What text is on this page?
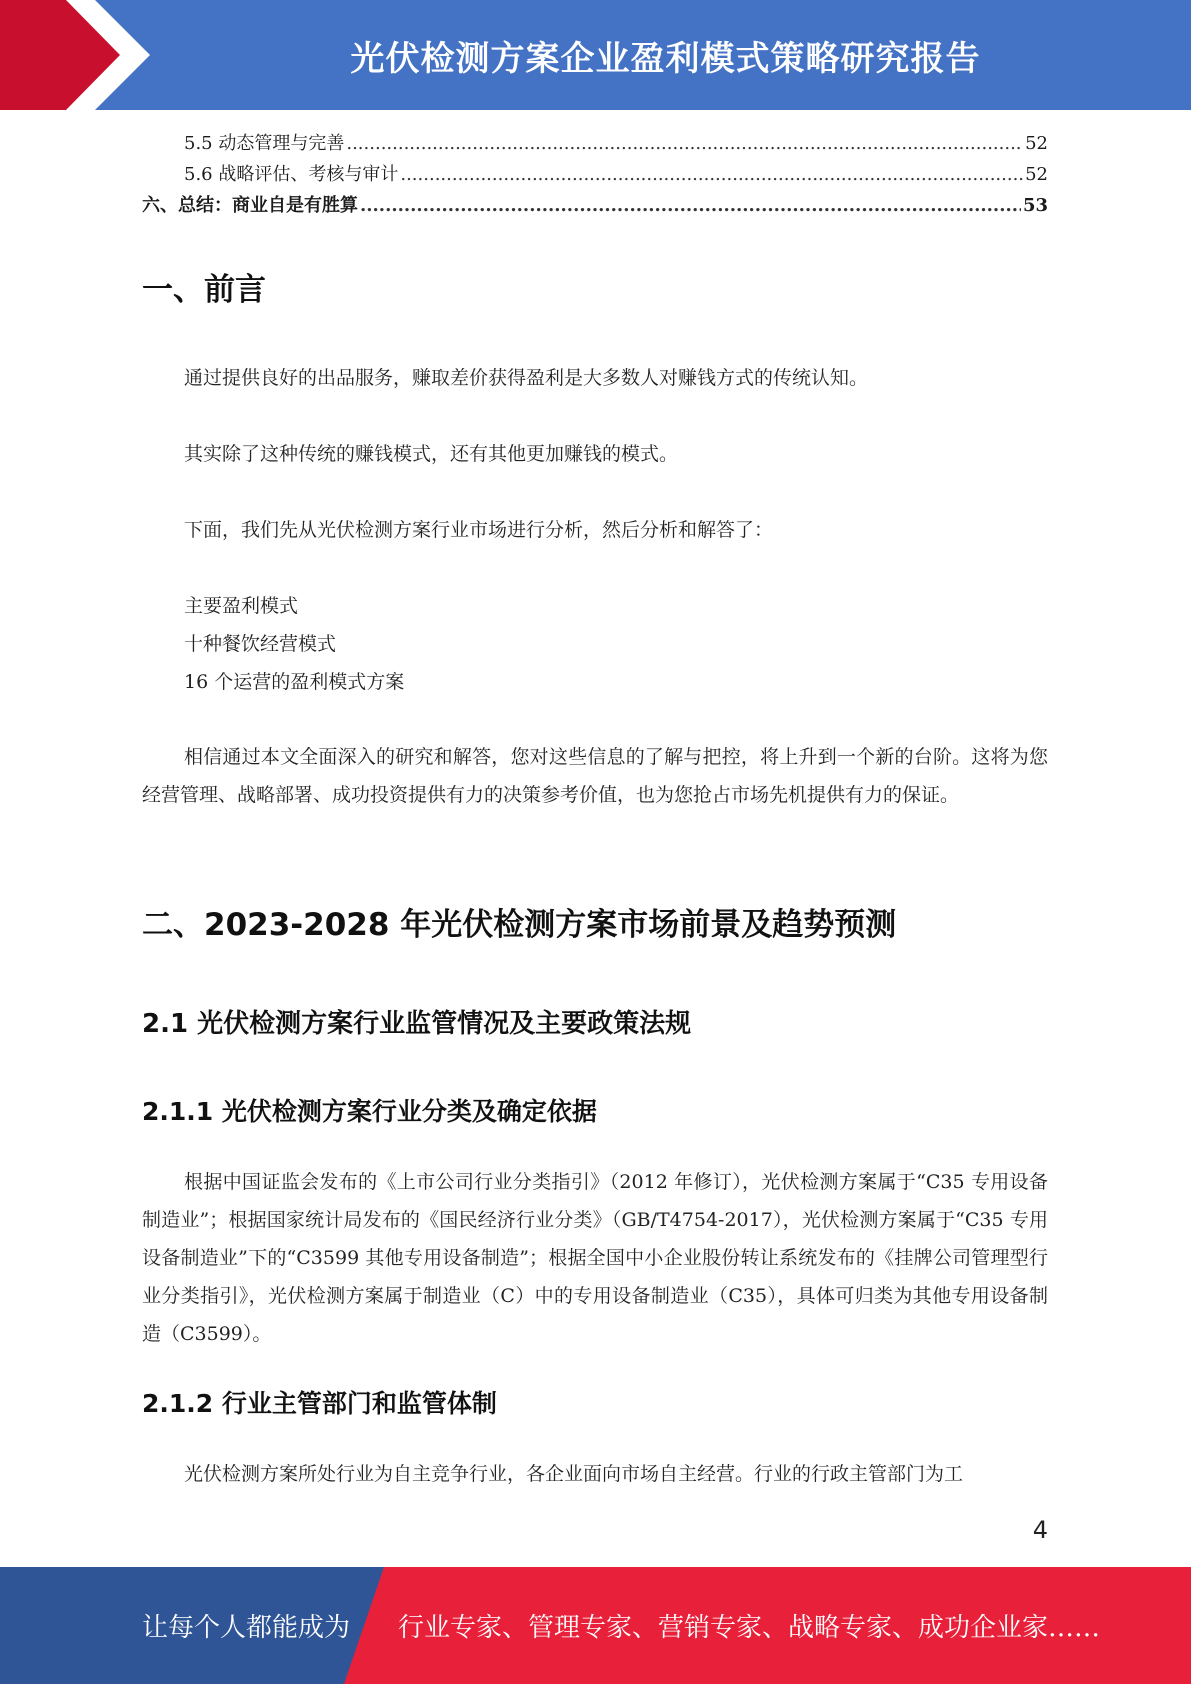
光伏检测方案企业盈利模式策略研究报告
5.5 动态管理与完善 .....	52
5.6 战略评估、考核与审计 .....	52
六、总结：商业自是有胜算 .....	53
一、前言
通过提供良好的出品服务，赚取差价获得盈利是大多数人对赚钱方式的传统认知。
其实除了这种传统的赚钱模式，还有其他更加赚钱的模式。
下面，我们先从光伏检测方案行业市场进行分析，然后分析和解答了：
主要盈利模式
十种餐饮经营模式
16 个运营的盈利模式方案
相信通过本文全面深入的研究和解答，您对这些信息的了解与把控，将上升到一个新的台阶。这将为您经营管理、战略部署、成功投资提供有力的决策参考价值，也为您抢占市场先机提供有力的保证。
二、2023-2028 年光伏检测方案市场前景及趋势预测
2.1 光伏检测方案行业监管情况及主要政策法规
2.1.1 光伏检测方案行业分类及确定依据
根据中国证监会发布的《上市公司行业分类指引》（2012 年修订），光伏检测方案属于“C35 专用设备制造业”；根据国家统计局发布的《国民经济行业分类》（GB/T4754-2017），光伏检测方案属于“C35 专用设备制造业”下的“C3599 其他专用设备制造”；根据全国中小企业股份转让系统发布的《挂牌公司管理型行业分类指引》，光伏检测方案属于制造业（C）中的专用设备制造业（C35），具体可归类为其他专用设备制造（C3599）。
2.1.2 行业主管部门和监管体制
光伏检测方案所处行业为自主竞争行业，各企业面向市场自主经营。行业的行政主管部门为工
4
让每个人都能成为 行业专家、管理专家、营销专家、战略专家、成功企业家……
